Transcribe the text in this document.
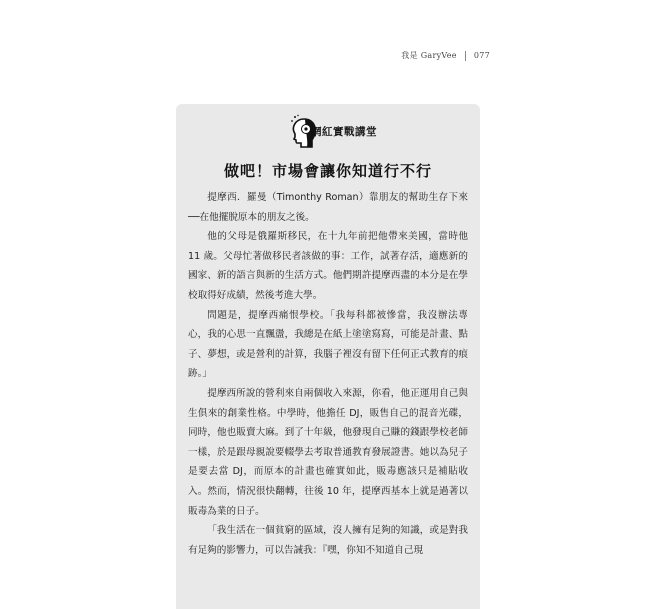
我是 GaryVee 077
網紅實戰講堂
做吧！市場會讓你知道行不行

提摩西．羅曼（Timonthy Roman）靠朋友的幫助生存下來──在他擺脫原本的朋友之後。

他的父母是俄羅斯移民，在十九年前把他帶來美國，當時他 11 歲。父母忙著做移民者該做的事：工作，試著存活，適應新的國家、新的語言與新的生活方式。他們期許提摩西盡的本分是在學校取得好成績，然後考進大學。

問題是，提摩西痛恨學校。「我每科都被慘當，我沒辦法專心，我的心思一直飄盪，我總是在紙上塗塗寫寫，可能是計畫、點子、夢想，或是營利的計算，我腦子裡沒有留下任何正式教育的痕跡。」

提摩西所說的營利來自兩個收入來源，你看，他正運用自己與生俱來的創業性格。中學時，他擔任 DJ，販售自己的混音光碟，同時，他也販賣大麻。到了十年級，他發現自己賺的錢跟學校老師一樣，於是跟母親說要輟學去考取普通教育發展證書。她以為兒子是要去當 DJ，而原本的計畫也確實如此，販毒應該只是補貼收入。然而，情況很快翻轉，往後 10 年，提摩西基本上就是過著以販毒為業的日子。

「我生活在一個貧窮的區域，沒人擁有足夠的知識，或是對我有足夠的影響力，可以告誡我：『嘿，你知不知道自己現
